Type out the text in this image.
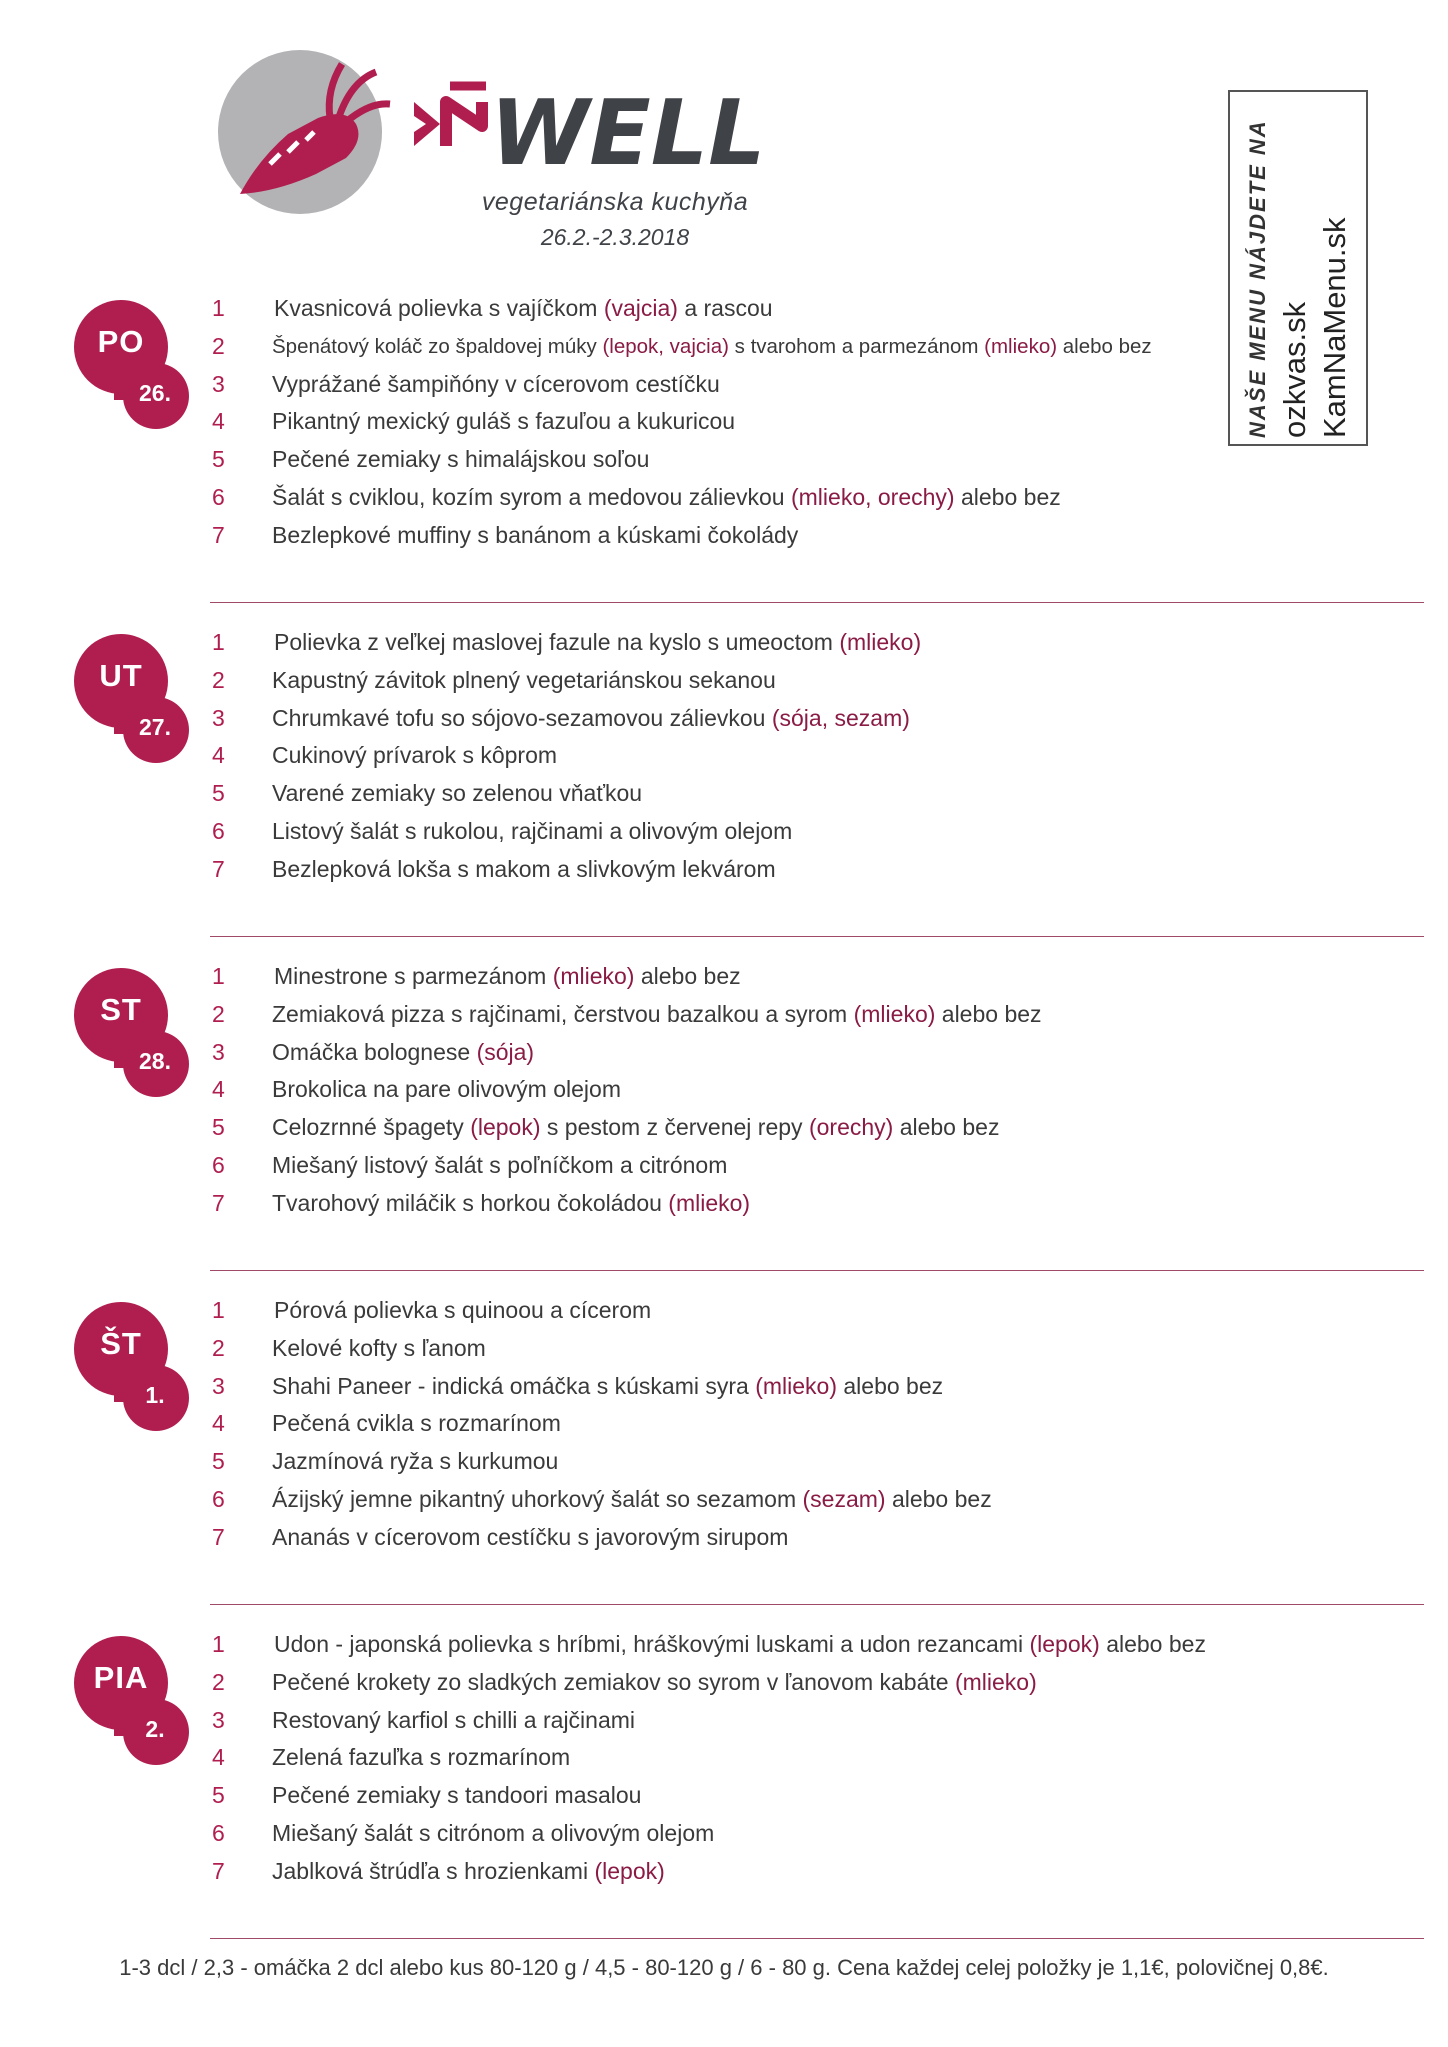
WELL
vegetariánska kuchyňa
26.2.-2.3.2018	NAŠE MENU NÁJDETE NA ozkvas.sk KamNaMenu.sk
PO
26.
1	Kvasnicová polievka s vajíčkom (vajcia) a rascou
2	Špenátový koláč zo špaldovej múky (lepok, vajcia) s tvarohom a parmezánom (mlieko) alebo bez
3	Vyprážané šampiňóny v cícerovom cestíčku
4	Pikantný mexický guláš s fazuľou a kukuricou
5	Pečené zemiaky s himalájskou soľou
6	Šalát s cviklou, kozím syrom a medovou zálievkou (mlieko, orechy) alebo bez
7	Bezlepkové muffiny s banánom a kúskami čokolády
UT
27.
1	Polievka z veľkej maslovej fazule na kyslo s umeoctom (mlieko)
2	Kapustný závitok plnený vegetariánskou sekanou
3	Chrumkavé tofu so sójovo-sezamovou zálievkou (sója, sezam)
4	Cukinový prívarok s kôprom
5	Varené zemiaky so zelenou vňaťkou
6	Listový šalát s rukolou, rajčinami a olivovým olejom
7	Bezlepková lokša s makom a slivkovým lekvárom
ST
28.
1	Minestrone s parmezánom (mlieko) alebo bez
2	Zemiaková pizza s rajčinami, čerstvou bazalkou a syrom (mlieko) alebo bez
3	Omáčka bolognese (sója)
4	Brokolica na pare olivovým olejom
5	Celozrnné špagety (lepok) s pestom z červenej repy (orechy) alebo bez
6	Miešaný listový šalát s poľníčkom a citrónom
7	Tvarohový miláčik s horkou čokoládou (mlieko)
ŠT
1.
1	Pórová polievka s quinoou a cícerom
2	Kelové kofty s ľanom
3	Shahi Paneer - indická omáčka s kúskami syra (mlieko) alebo bez
4	Pečená cvikla s rozmarínom
5	Jazmínová ryža s kurkumou
6	Ázijský jemne pikantný uhorkový šalát so sezamom (sezam) alebo bez
7	Ananás v cícerovom cestíčku s javorovým sirupom
PIA
2.
1	Udon - japonská polievka s hríbmi, hráškovými luskami a udon rezancami (lepok) alebo bez
2	Pečené krokety zo sladkých zemiakov so syrom v ľanovom kabáte (mlieko)
3	Restovaný karfiol s chilli a rajčinami
4	Zelená fazuľka s rozmarínom
5	Pečené zemiaky s tandoori masalou
6	Miešaný šalát s citrónom a olivovým olejom
7	Jablková štrúdľa s hrozienkami (lepok)
1-3 dcl / 2,3 - omáčka 2 dcl alebo kus 80-120 g / 4,5 - 80-120 g / 6 - 80 g. Cena každej celej položky je 1,1€, polovičnej 0,8€.
